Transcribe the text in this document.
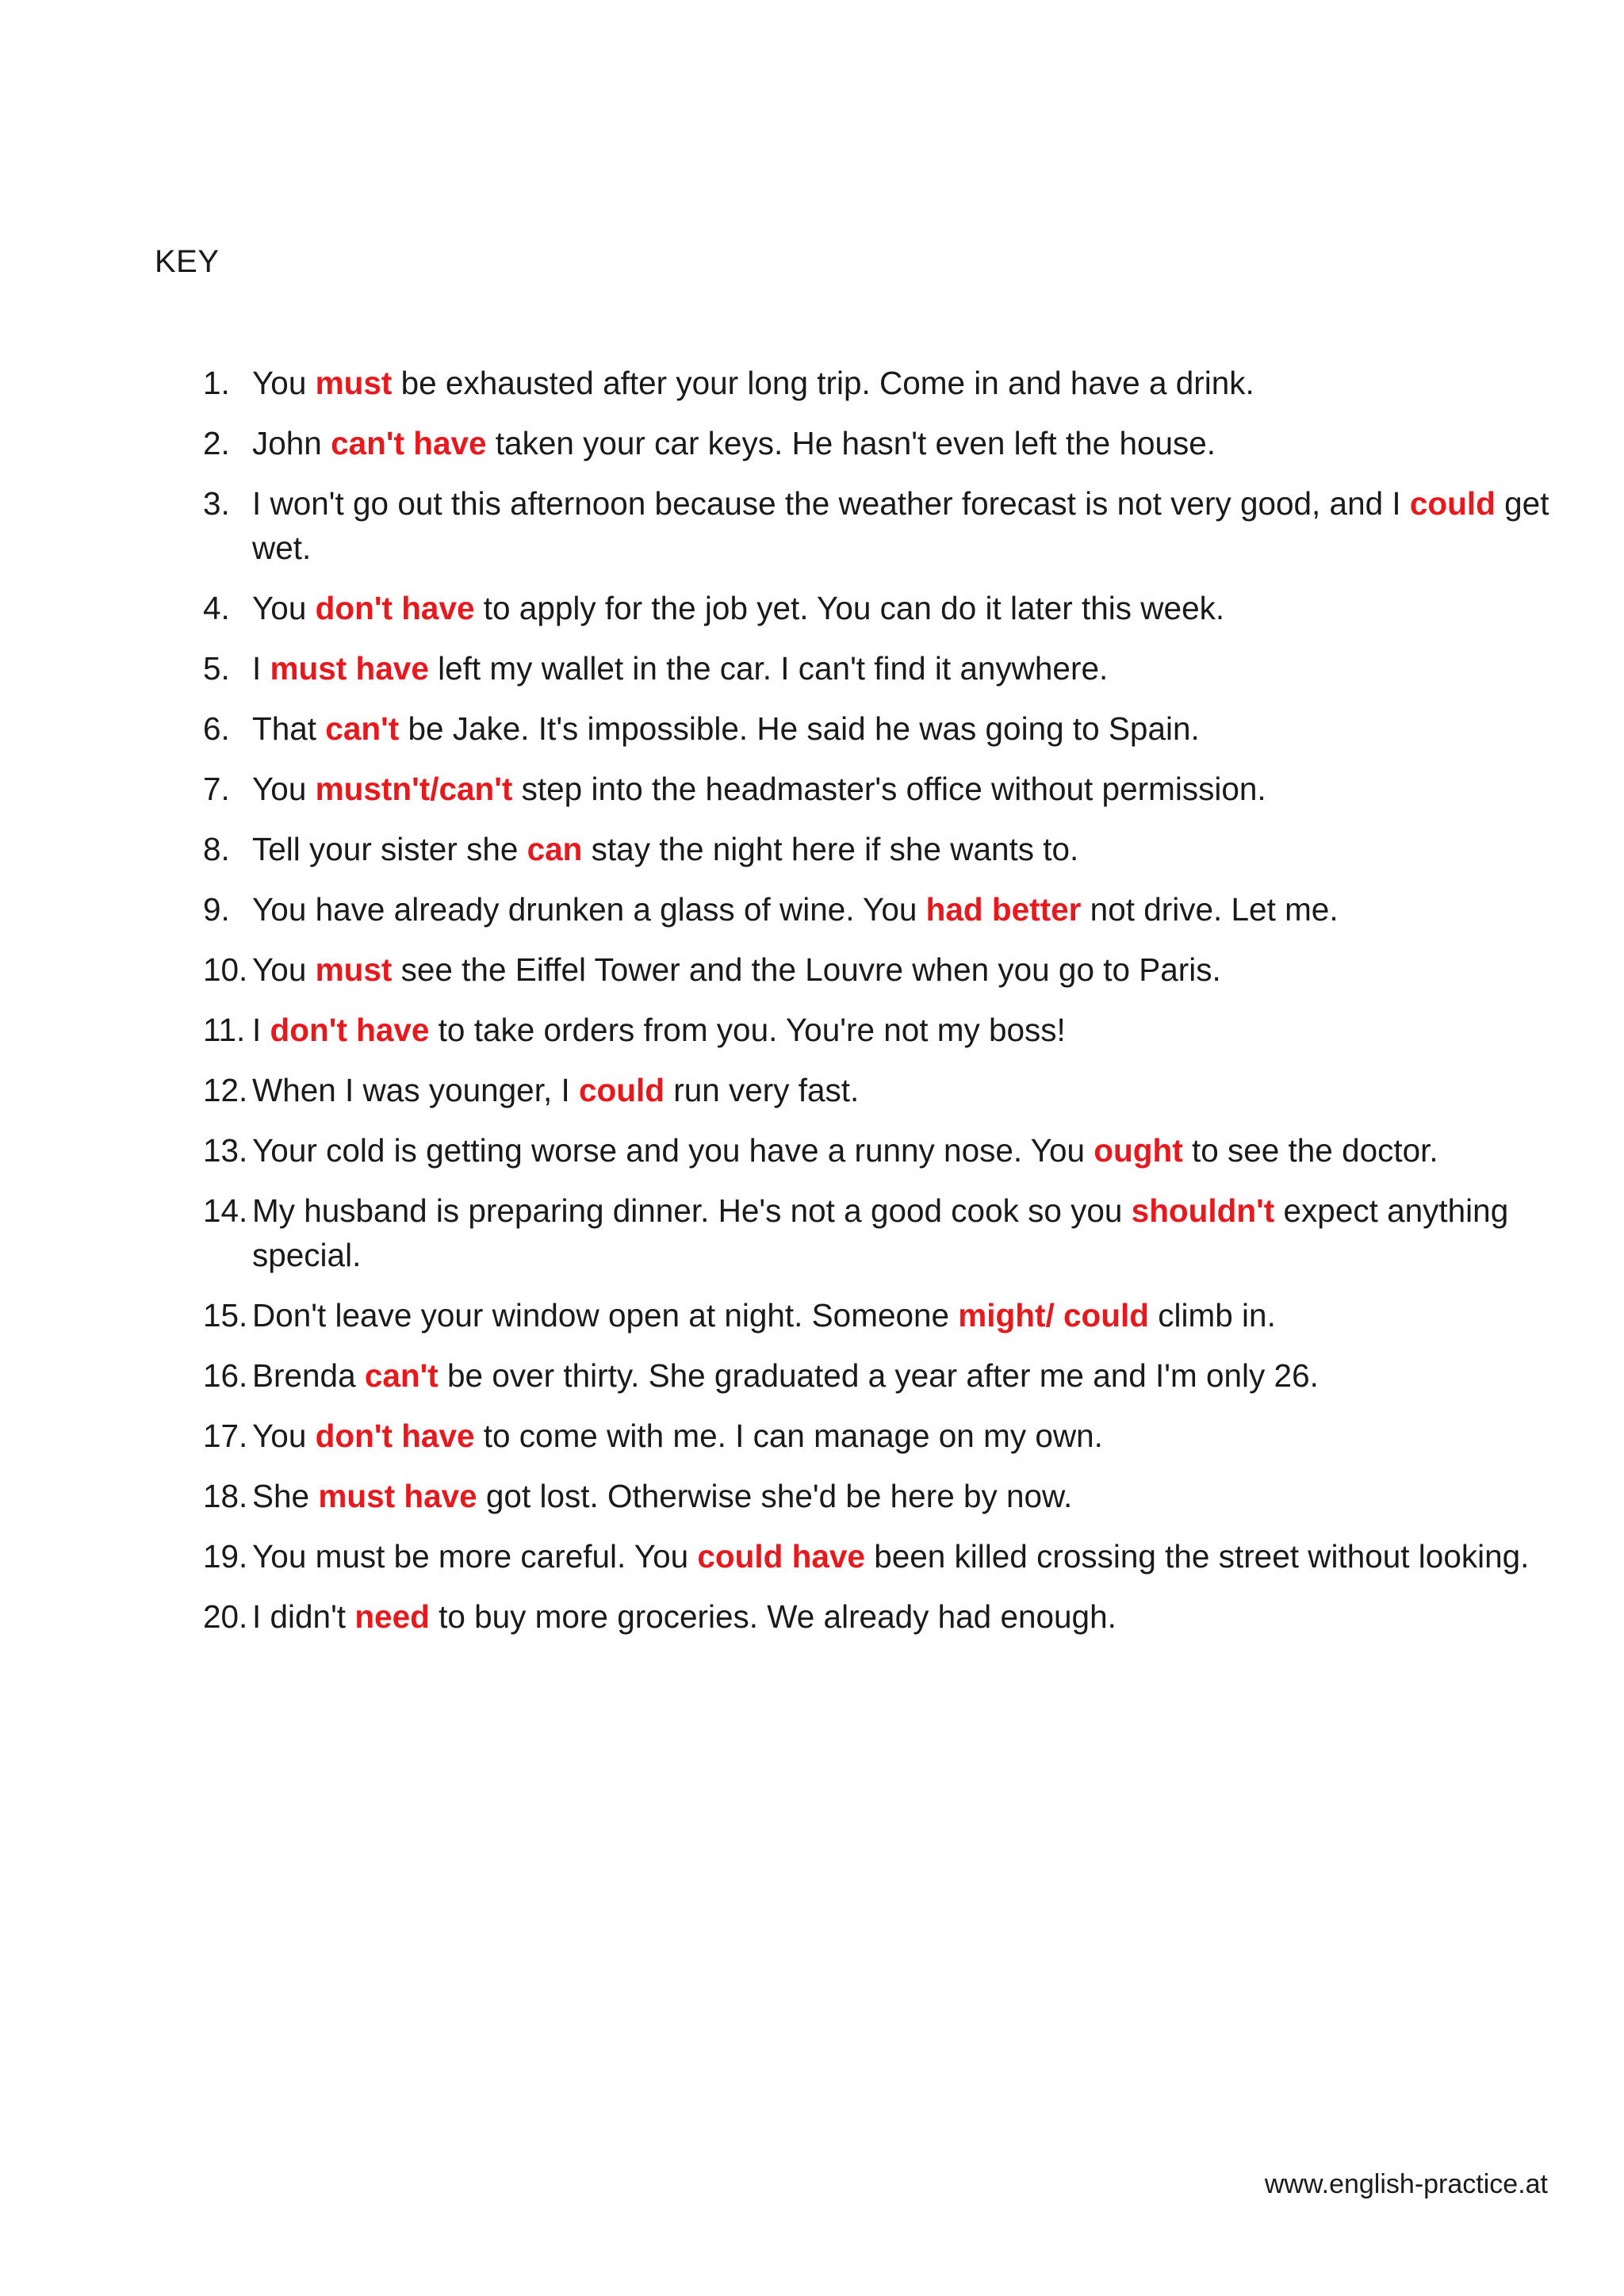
KEY
1. You must be exhausted after your long trip. Come in and have a drink.
2. John can't have taken your car keys. He hasn't even left the house.
3. I won't go out this afternoon because the weather forecast is not very good, and I could get wet.
4. You don't have to apply for the job yet. You can do it later this week.
5. I must have left my wallet in the car. I can't find it anywhere.
6. That can't be Jake. It's impossible. He said he was going to Spain.
7. You mustn't/can't step into the headmaster's office without permission.
8. Tell your sister she can stay the night here if she wants to.
9. You have already drunken a glass of wine. You had better not drive. Let me.
10. You must see the Eiffel Tower and the Louvre when you go to Paris.
11. I don't have to take orders from you. You're not my boss!
12. When I was younger, I could run very fast.
13. Your cold is getting worse and you have a runny nose. You ought to see the doctor.
14. My husband is preparing dinner. He's not a good cook so you shouldn't expect anything special.
15. Don't leave your window open at night. Someone might/ could climb in.
16. Brenda can't be over thirty. She graduated a year after me and I'm only 26.
17. You don't have to come with me. I can manage on my own.
18. She must have got lost. Otherwise she'd be here by now.
19. You must be more careful. You could have been killed crossing the street without looking.
20. I didn't need to buy more groceries. We already had enough.
www.english-practice.at
